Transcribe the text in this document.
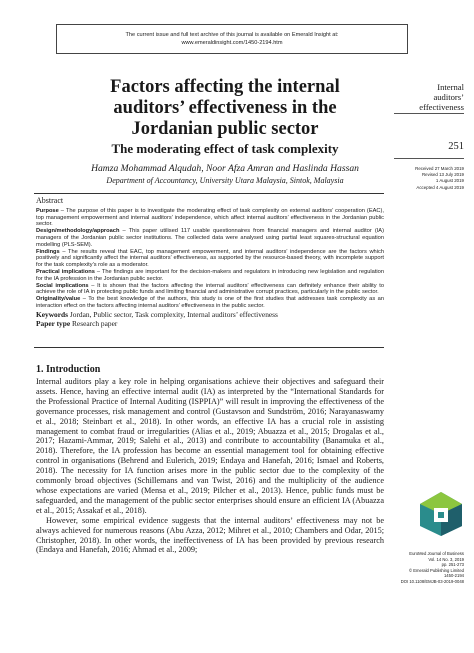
The current issue and full text archive of this journal is available on Emerald Insight at:
www.emeraldinsight.com/1450-2194.htm
Factors affecting the internal
auditors’ effectiveness in the
Jordanian public sector
The moderating effect of task complexity
Hamza Mohammad Alqudah, Noor Afza Amran and Haslinda Hassan
Department of Accountancy, University Utara Malaysia, Sintok, Malaysia
Internal
auditors’
effectiveness
251
Received 27 March 2019
Revised 13 July 2019
1 August 2019
Accepted 4 August 2019
Abstract
Purpose – The purpose of this paper is to investigate the moderating effect of task complexity on external auditors’ cooperation (EAC), top management empowerment and internal auditors’ independence, which affect internal auditors’ effectiveness in the Jordanian public sector.
Design/methodology/approach – This paper utilised 117 usable questionnaires from financial managers and internal auditor (IA) managers of the Jordanian public sector institutions. The collected data were analysed using partial least squares-structural equation modelling (PLS-SEM).
Findings – The results reveal that EAC, top management empowerment, and internal auditors’ independence are the factors which positively and significantly affect the internal auditors’ effectiveness, as supported by the resource-based theory, with incomplete support for the task complexity’s role as a moderator.
Practical implications – The findings are important for the decision-makers and regulators in introducing new legislation and regulation for the IA profession in the Jordanian public sector.
Social implications – It is shown that the factors affecting the internal auditors’ effectiveness can definitely enhance their ability to achieve the role of IA in protecting public funds and limiting financial and administrative corrupt practices, particularly in the public sector.
Originality/value – To the best knowledge of the authors, this study is one of the first studies that addresses task complexity as an interaction effect on the factors affecting internal auditors’ effectiveness in the public sector.
Keywords Jordan, Public sector, Task complexity, Internal auditors’ effectiveness
Paper type Research paper
1. Introduction

Internal auditors play a key role in helping organisations achieve their objectives and safeguard their assets. Hence, having an effective internal audit (IA) as interpreted by the “International Standards for the Professional Practice of Internal Auditing (ISPPIA)” will result in improving the effectiveness of the governance processes, risk management and control (Gustavson and Sundström, 2016; Narayanaswamy et al., 2018; Steinbart et al., 2018). In other words, an effective IA has a crucial role in assisting management to combat fraud or irregularities (Alias et al., 2019; Abuazza et al., 2015; Drogalas et al., 2017; Hazami-Ammar, 2019; Salehi et al., 2013) and contribute to accountability (Banamuka et al., 2018). Therefore, the IA profession has become an essential management tool for obtaining effective control in organisations (Behrend and Eulerich, 2019; Endaya and Hanefah, 2016; Ismael and Roberts, 2018). The necessity for IA function arises more in the public sector due to the complexity of the commonly broad objectives (Schillemans and van Twist, 2016) and the multiplicity of the audience whose expectations are varied (Mensa et al., 2019; Pilcher et al., 2013). Hence, public funds must be safeguarded, and the management of the public sector enterprises should ensure an efficient IA (Abuazza et al., 2015; Assakaf et al., 2018).

However, some empirical evidence suggests that the internal auditors’ effectiveness may not be always achieved for numerous reasons (Abu Azza, 2012; Mihret et al., 2010; Chambers and Odar, 2015; Christopher, 2018). In other words, the ineffectiveness of IA has been provided by previous research (Endaya and Hanefah, 2016; Ahmad et al., 2009;	EuroMed Journal of Business
Vol. 14 No. 3, 2019
pp. 251-273
© Emerald Publishing Limited
1450-2194
DOI 10.1108/EMJB-03-2019-0048
